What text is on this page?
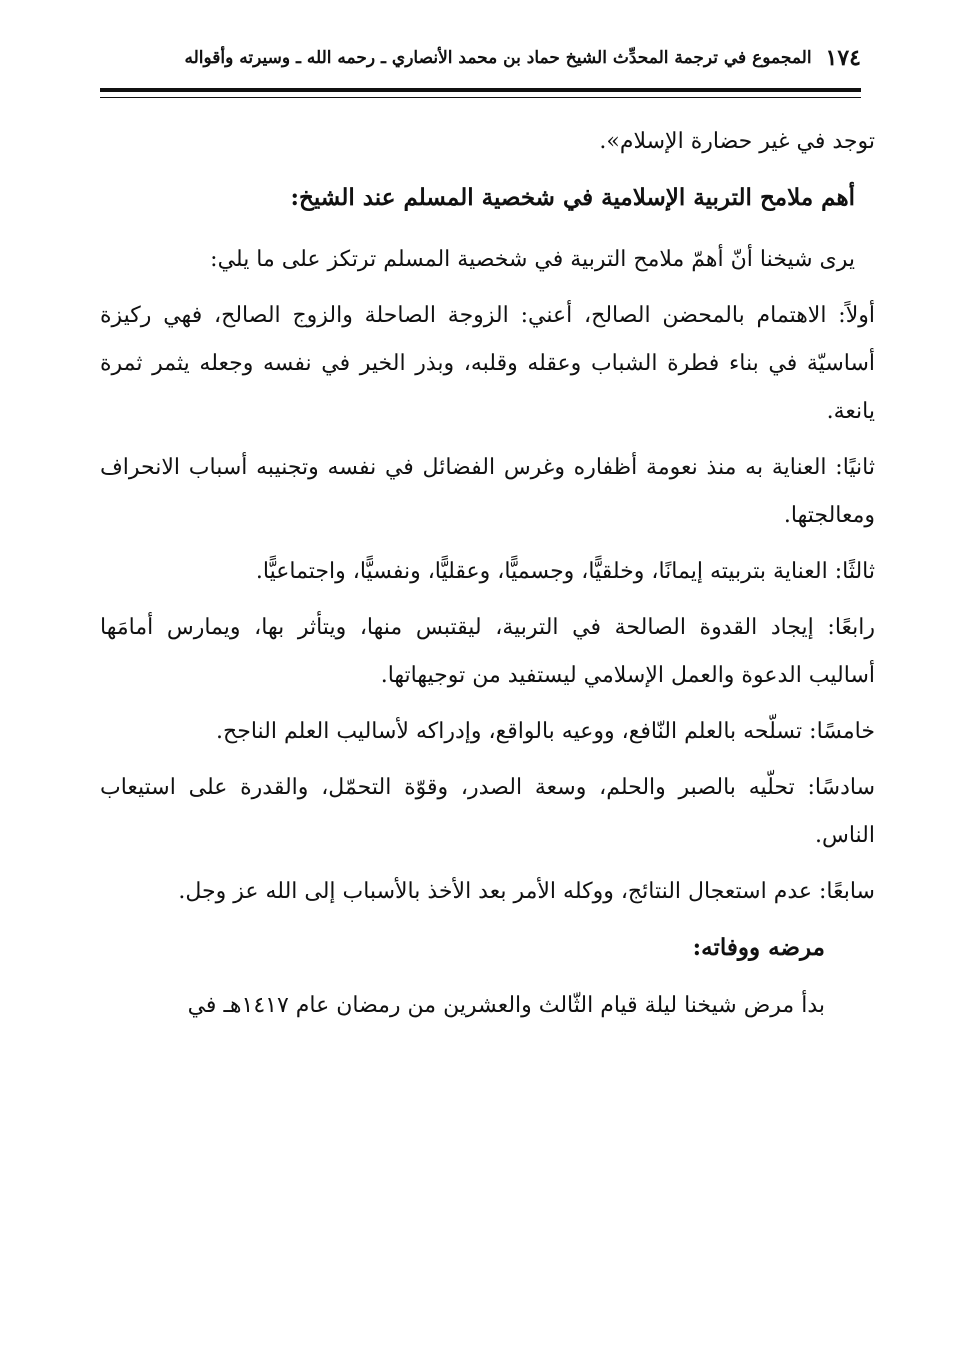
١٧٤
المجموع في ترجمة المحدِّث الشيخ حماد بن محمد الأنصاري ـ رحمه الله ـ وسيرته وأقواله

توجد في غير حضارة الإسلام».

أهم ملامح التربية الإسلامية في شخصية المسلم عند الشيخ:

يرى شيخنا أنّ أهمّ ملامح التربية في شخصية المسلم ترتكز على ما يلي:

أولاً: الاهتمام بالمحضن الصالح، أعني: الزوجة الصاحلة والزوج الصالح، فهي ركيزة أساسيّة في بناء فطرة الشباب وعقله وقلبه، وبذر الخير في نفسه وجعله يثمر ثمرة يانعة.

ثانيًا: العناية به منذ نعومة أظفاره وغرس الفضائل في نفسه وتجنيبه أسباب الانحراف ومعالجتها.

ثالثًا: العناية بتربيته إيمانًا، وخلقيًّا، وجسميًّا، وعقليًّا، ونفسيًّا، واجتماعيًّا.

رابعًا: إيجاد القدوة الصالحة في التربية، ليقتبس منها، ويتأثر بها، ويمارس أمامَها أساليب الدعوة والعمل الإسلامي ليستفيد من توجيهاتها.

خامسًا: تسلّحه بالعلم النّافع، ووعيه بالواقع، وإدراكه لأساليب العلم الناجح.

سادسًا: تحلّيه بالصبر والحلم، وسعة الصدر، وقوّة التحمّل، والقدرة على استيعاب الناس.

سابعًا: عدم استعجال النتائج، ووكله الأمر بعد الأخذ بالأسباب إلى الله عز وجل.

مرضه ووفاته:

بدأ مرض شيخنا ليلة قيام الثّالث والعشرين من رمضان عام ١٤١٧هـ في
